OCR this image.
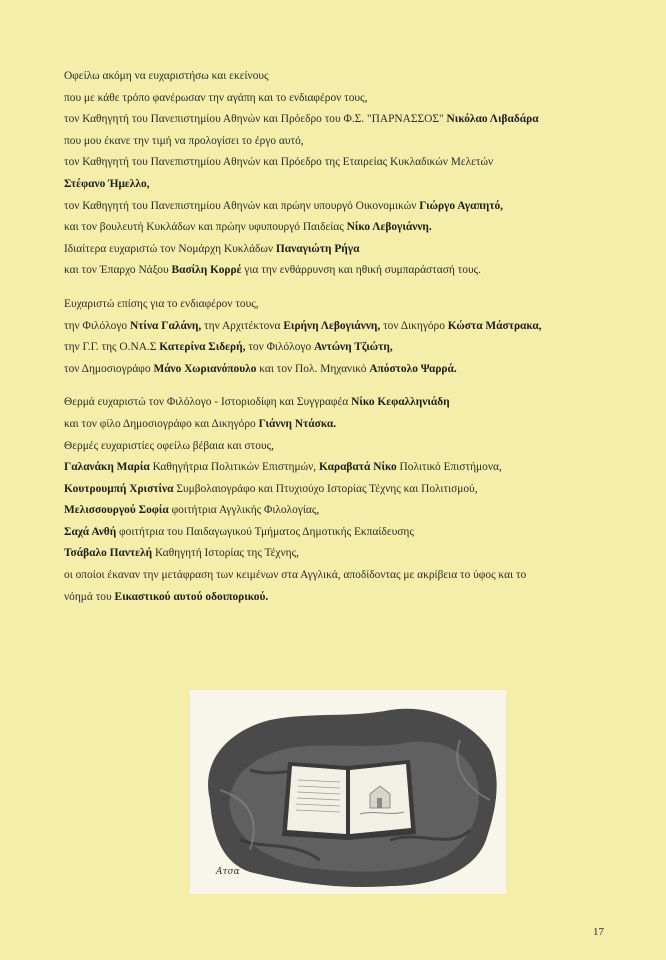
Οφείλω ακόμη να ευχαριστήσω και εκείνους
που με κάθε τρόπο φανέρωσαν την αγάπη και το ενδιαφέρον τους,
τον Καθηγητή του Πανεπιστημίου Αθηνών και Πρόεδρο του Φ.Σ. "ΠΑΡΝΑΣΣΟΣ" Νικόλαο Λιβαδάρα
που μου έκανε την τιμή να προλογίσει το έργο αυτό,
τον Καθηγητή του Πανεπιστημίου Αθηνών και Πρόεδρο της Εταιρείας Κυκλαδικών Μελετών
Στέφανο Ήμελλο,
τον Καθηγητή του Πανεπιστημίου Αθηνών και πρώην υπουργό Οικονομικών Γιώργο Αγαπητό,
και τον βουλευτή Κυκλάδων και πρώην υφυπουργό Παιδείας Νίκο Λεβογιάννη.
Ιδιαίτερα ευχαριστώ τον Νομάρχη Κυκλάδων Παναγιώτη Ρήγα
και τον Έπαρχο Νάξου Βασίλη Κορρέ για την ενθάρρυνση και ηθική συμπαράστασή τους.
Ευχαριστώ επίσης για το ενδιαφέρον τους,
την Φιλόλογο Ντίνα Γαλάνη, την Αρχιτέκτονα Ειρήνη Λεβογιάννη, τον Δικηγόρο Κώστα Μάστρακα,
την Γ.Γ. της Ο.ΝΑ.Σ Κατερίνα Σιδερή, τον Φιλόλογο Αντώνη Τζιώτη,
τον Δημοσιογράφο Μάνο Χωριανόπουλο και τον Πολ. Μηχανικό Απόστολο Ψαρρά.
Θερμά ευχαριστώ τον Φιλόλογο - Ιστοριοδίφη και Συγγραφέα Νίκο Κεφαλληνιάδη
και τον φίλο Δημοσιογράφο και Δικηγόρο Γιάννη Ντάσκα.
Θερμές ευχαριστίες οφείλω βέβαια και στους,
Γαλανάκη Μαρία Καθηγήτρια Πολιτικών Επιστημών, Καραβατά Νίκο Πολιτικό Επιστήμονα,
Κουτρουμπή Χριστίνα Συμβολαιογράφο και Πτυχιούχο Ιστορίας Τέχνης και Πολιτισμού,
Μελισσουργού Σοφία φοιτήτρια Αγγλικής Φιλολογίας,
Σαχά Ανθή φοιτήτρια του Παιδαγωγικού Τμήματος Δημοτικής Εκπαίδευσης
Τσάβαλο Παντελή Καθηγητή Ιστορίας της Τέχνης,
οι οποίοι έκαναν την μετάφραση των κειμένων στα Αγγλικά, αποδίδοντας με ακρίβεια το ύφος και το
νόημά του Εικαστικού αυτού οδοιπορικού.
Ατσα
17
